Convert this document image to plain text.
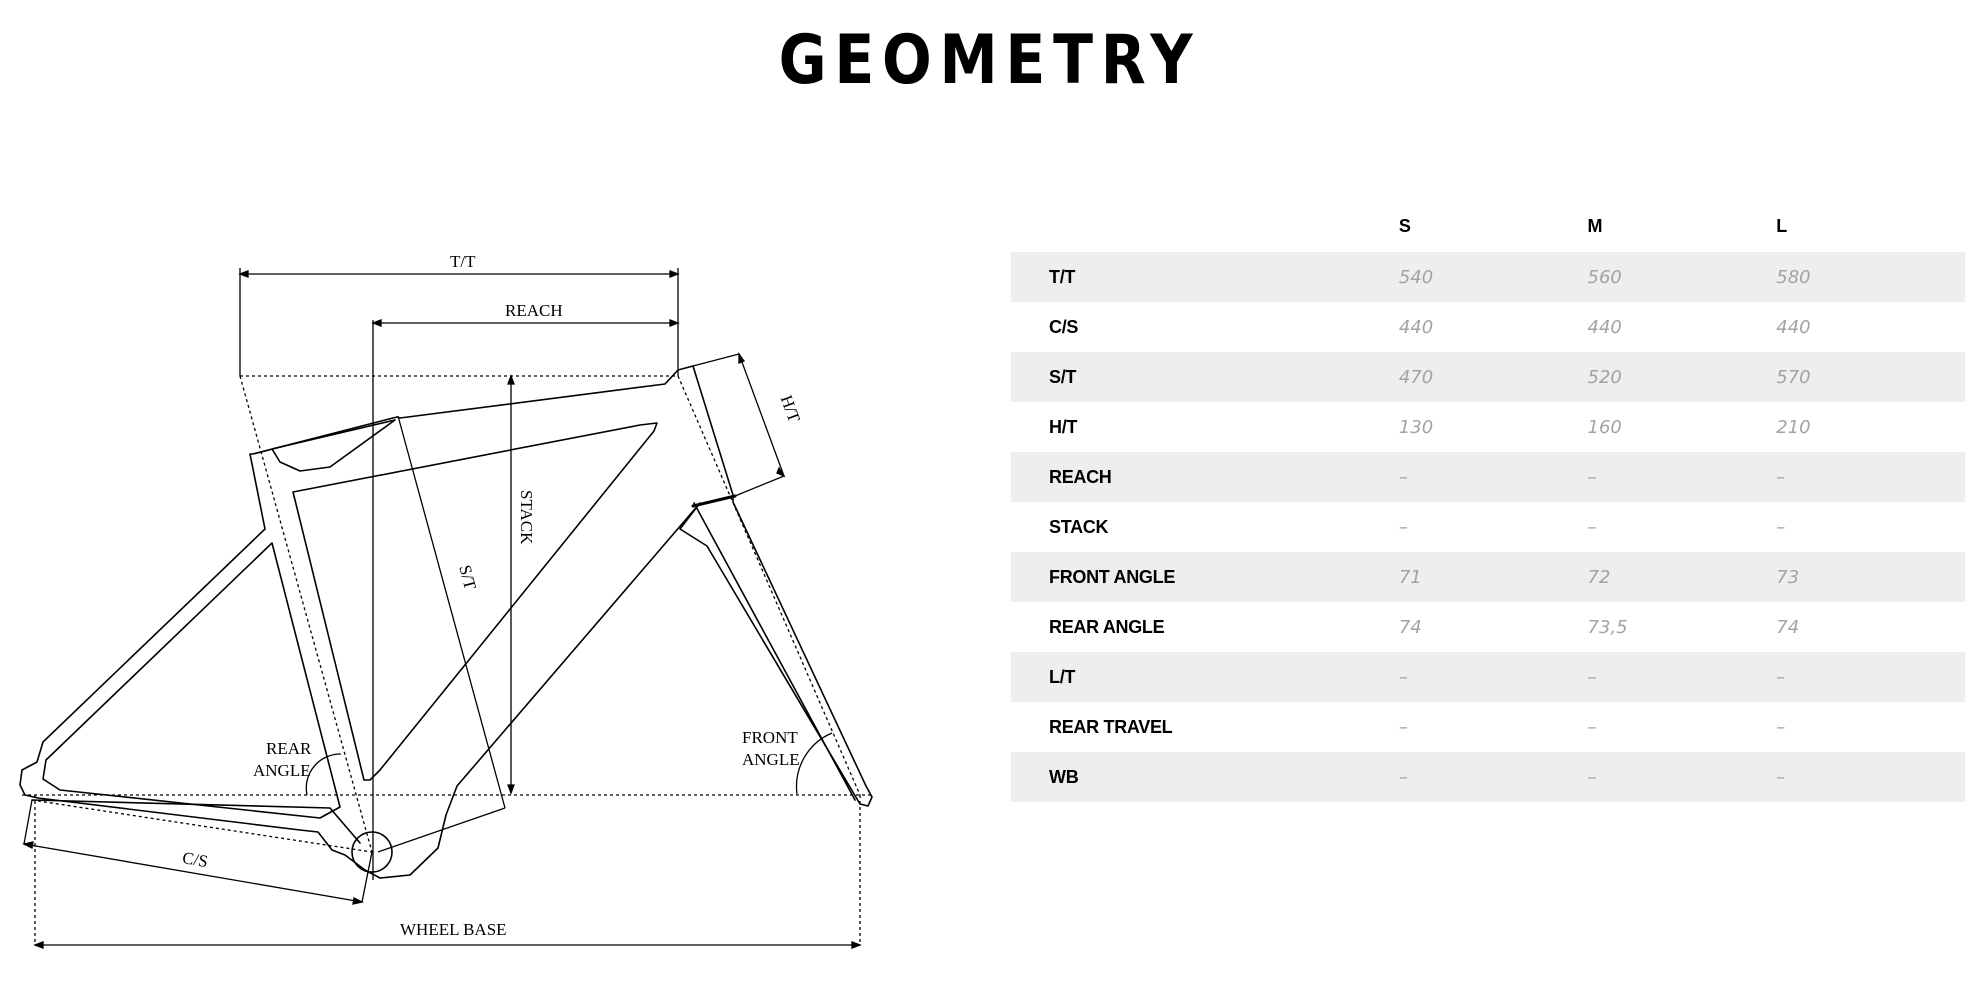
GEOMETRY
T/T
REACH
H/T
STACK
S/T
REAR
ANGLE
FRONT
ANGLE
C/S
WHEEL BASE
	S	M	L
T/T	540	560	580
C/S	440	440	440
S/T	470	520	570
H/T	130	160	210
REACH	–	–	–
STACK	–	–	–
FRONT ANGLE	71	72	73
REAR ANGLE	74	73,5	74
L/T	–	–	–
REAR TRAVEL	–	–	–
WB	–	–	–
